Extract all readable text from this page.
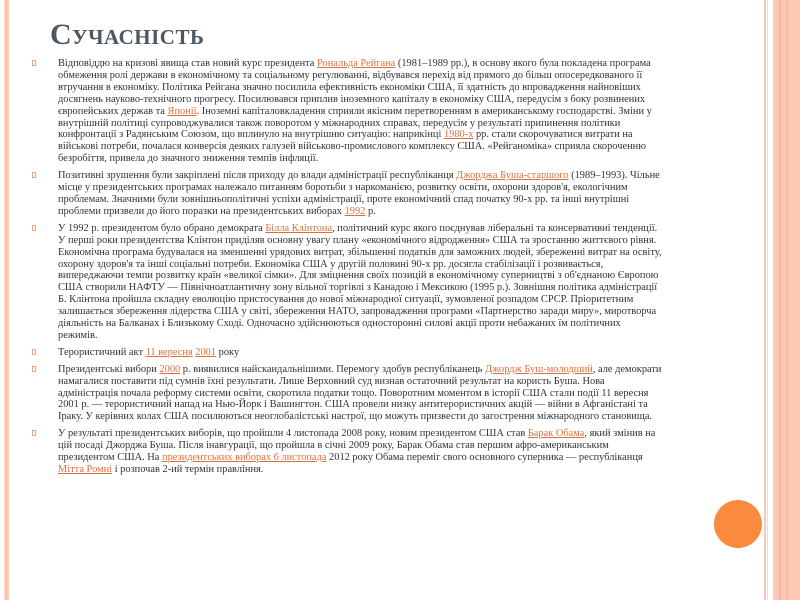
Сучасність
Відповіддю на кризові явища став новий курс президента Рональда Рейгана (1981–1989 рр.), в основу якого була покладена програма обмеження ролі держави в економічному та соціальному регулюванні, відбувався перехід від прямого до більш опосередкованого її втручання в економіку. Політика Рейгана значно посилила ефективність економіки США, її здатність до впровадження найновіших досягнень науково-технічного прогресу. Посилювався приплив іноземного капіталу в економіку США, передусім з боку розвинених європейських держав та Японії. Іноземні капіталовкладення сприяли якісним перетворенням в американському господарстві. Зміни у внутрішній політиці супроводжувалися також поворотом у міжнародних справах, передусім у результаті припинення політики конфронтації з Радянським Союзом, що вплинуло на внутрішню ситуацію: наприкінці 1980-х рр. стали скорочуватися витрати на військові потреби, почалася конверсія деяких галузей військово-промислового комплексу США. «Рейганоміка» сприяла скороченню безробіття, привела до значного зниження темпів інфляції.
Позитивні зрушення були закріплені після приходу до влади адміністрації республіканця Джорджа Буша-старшого (1989–1993). Чільне місце у президентських програмах належало питанням боротьби з наркоманією, розвитку освіти, охорони здоров'я, екологічним проблемам. Значними були зовнішньополітичні успіхи адміністрації, проте економічний спад початку 90-х рр. та інші внутрішні проблеми призвели до його поразки на президентських виборах 1992 р.
У 1992 р. президентом було обрано демократа Білла Клінтона, політичний курс якого поєднував ліберальні та консервативні тенденції. У перші роки президентства Клінтон приділяв основну увагу плану «економічного відродження» США та зростанню життєвого рівня. Економічна програма будувалася на зменшенні урядових витрат, збільшенні податків для заможних людей, збереженні витрат на освіту, охорону здоров'я та інші соціальні потреби. Економіка США у другій половині 90-х рр. досягла стабілізації і розвивається, випереджаючи темпи розвитку країн «великої сімки». Для зміцнення своїх позицій в економічному суперництві з об'єднаною Європою США створили НАФТУ — Північноатлантичну зону вільної торгівлі з Канадою і Мексикою (1995 р.). Зовнішня політика адміністрації Б. Клінтона пройшла складну еволюцію пристосування до нової міжнародної ситуації, зумовленої розпадом СРСР. Пріоритетним залишається збереження лідерства США у світі, збереження НАТО, запровадження програми «Партнерство заради миру», миротворча діяльність на Балканах і Близькому Сході. Одночасно здійснюються односторонні силові акції проти небажаних їм політичних режимів.
Терористичний акт 11 вересня 2001 року
Президентські вибори 2000 р. виявилися найскандальнішими. Перемогу здобув республіканець Джордж Буш-молодший, але демократи намагалися поставити під сумнів їхні результати. Лише Верховний суд визнав остаточний результат на користь Буша. Нова адміністрація почала реформу системи освіти, скоротила податки тощо. Поворотним моментом в історії США стали події 11 вересня 2001 р. — терористичний напад на Нью-Йорк і Вашингтон. США провели низку антитерористичних акцій — війни в Афганістані та Іраку. У керівних колах США посилюються неоглобалістські настрої, що можуть призвести до загострення міжнародного становища.
У результаті президентських виборів, що пройшли 4 листопада 2008 року, новим президентом США став Барак Обама, який змінив на цій посаді Джорджа Буша. Після інавгурації, що пройшла в січні 2009 року, Барак Обама став першим афро-американським президентом США. На президентських виборах 6 листопада 2012 року Обама переміг свого основного суперника — республіканця Мітта Ромні і розпочав 2-ий термін правління.
